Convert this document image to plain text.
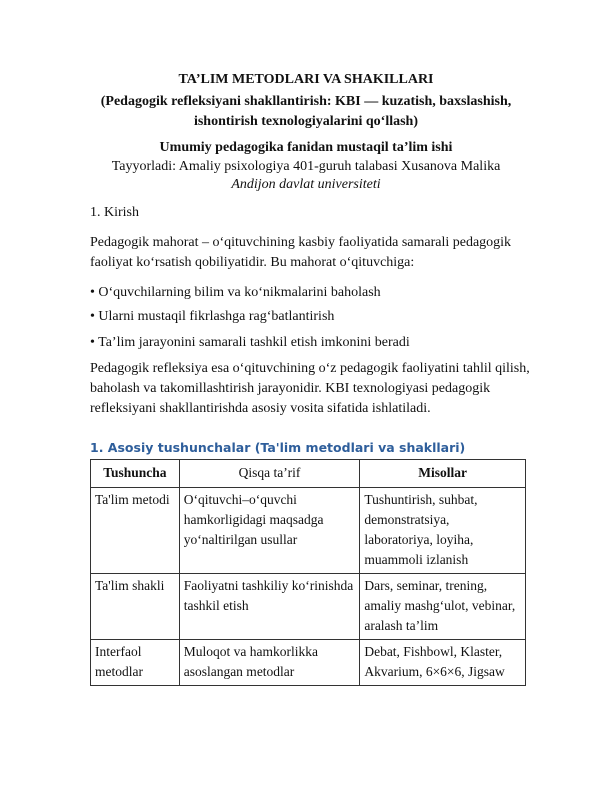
TA’LIM METODLARI VA SHAKILLARI
(Pedagogik refleksiyani shakllantirish: KBI — kuzatish, baxslashish, ishontirish texnologiyalarini qo‘llash)
Umumiy pedagogika fanidan mustaqil ta’lim ishi
Tayyorladi: Amaliy psixologiya 401-guruh talabasi Xusanova Malika
Andijon davlat universiteti
1. Kirish
Pedagogik mahorat – o‘qituvchining kasbiy faoliyatida samarali pedagogik faoliyat ko‘rsatish qobiliyatidir. Bu mahorat o‘qituvchiga:
• O‘quvchilarning bilim va ko‘nikmalarini baholash
• Ularni mustaqil fikrlashga rag‘batlantirish
• Ta’lim jarayonini samarali tashkil etish imkonini beradi
Pedagogik refleksiya esa o‘qituvchining o‘z pedagogik faoliyatini tahlil qilish, baholash va takomillashtirish jarayonidir. KBI texnologiyasi pedagogik refleksiyani shakllantirishda asosiy vosita sifatida ishlatiladi.
1. Asosiy tushunchalar (Ta'lim metodlari va shakllari)
Tushuncha	Qisqa ta’rif	Misollar
Ta'lim metodi	O‘qituvchi–o‘quvchi hamkorligidagi maqsadga yo‘naltirilgan usullar	Tushuntirish, suhbat, demonstratsiya, laboratoriya, loyiha, muammoli izlanish
Ta'lim shakli	Faoliyatni tashkiliy ko‘rinishda tashkil etish	Dars, seminar, trening, amaliy mashg‘ulot, vebinar, aralash ta’lim
Interfaol metodlar	Muloqot va hamkorlikka asoslangan metodlar	Debat, Fishbowl, Klaster, Akvarium, 6×6×6, Jigsaw
